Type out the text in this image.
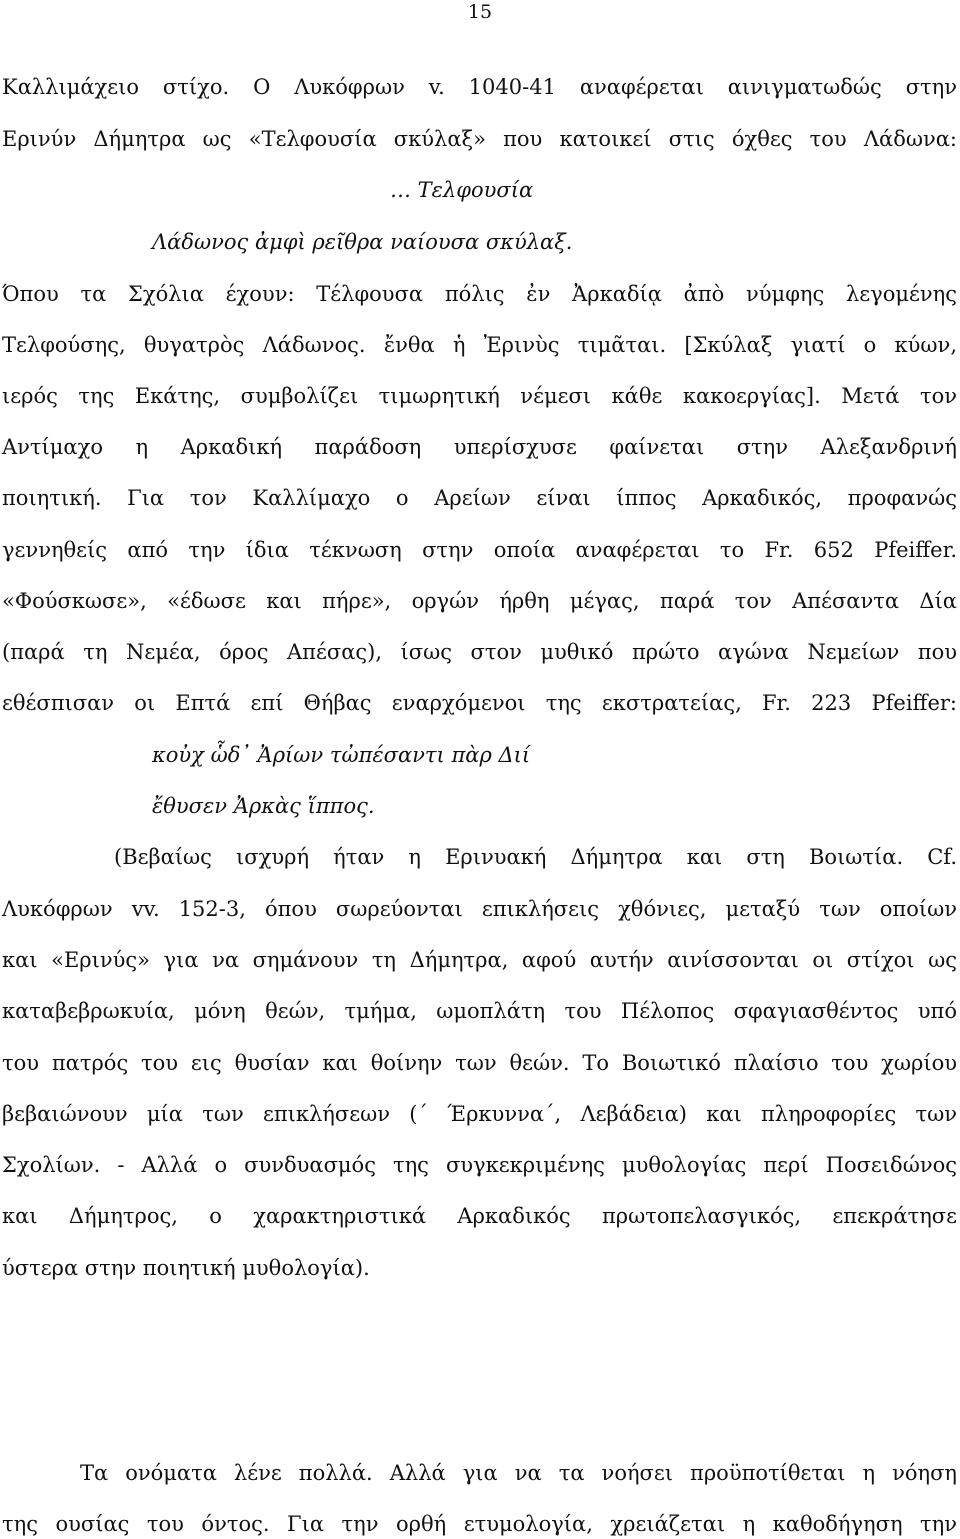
15
Καλλιμάχειο στίχο. Ο Λυκόφρων v. 1040-41 αναφέρεται αινιγματωδώς στην
Ερινύν Δήμητρα ως «Τελφουσία σκύλαξ» που κατοικεί στις όχθες του Λάδωνα:
… Τελφουσία
Λάδωνος ἀμφὶ ρεῖθρα ναίουσα σκύλαξ.
Όπου τα Σχόλια έχουν: Τέλφουσα πόλις ἐν Ἀρκαδίᾳ ἀπὸ νύμφης λεγομένης
Τελφούσης, θυγατρὸς Λάδωνος. ἔνθα ἡ Ἐρινὺς τιμᾶται. [Σκύλαξ γιατί ο κύων,
ιερός της Εκάτης, συμβολίζει τιμωρητική νέμεσι κάθε κακοεργίας]. Μετά τον
Αντίμαχο η Αρκαδική παράδοση υπερίσχυσε φαίνεται στην Αλεξανδρινή
ποιητική. Για τον Καλλίμαχο ο Αρείων είναι ίππος Αρκαδικός, προφανώς
γεννηθείς από την ίδια τέκνωση στην οποία αναφέρεται το Fr. 652 Pfeiffer.
«Φούσκωσε», «έδωσε και πήρε», οργών ήρθη μέγας, παρά τον Απέσαντα Δία
(παρά τη Νεμέα, όρος Απέσας), ίσως στον μυθικό πρώτο αγώνα Νεμείων που
εθέσπισαν οι Επτά επί Θήβας εναρχόμενοι της εκστρατείας, Fr. 223 Pfeiffer:
κοὐχ ὧδ᾽ Ἀρίων τὠπέσαντι πὰρ Διί
ἔθυσεν Ἀρκὰς ἵππος.
(Βεβαίως ισχυρή ήταν η Ερινυακή Δήμητρα και στη Βοιωτία. Cf.
Λυκόφρων vv. 152-3, όπου σωρεύονται επικλήσεις χθόνιες, μεταξύ των οποίων
και «Ερινύς» για να σημάνουν τη Δήμητρα, αφού αυτήν αινίσσονται οι στίχοι ως
καταβεβρωκυία, μόνη θεών, τμήμα, ωμοπλάτη του Πέλοπος σφαγιασθέντος υπό
του πατρός του εις θυσίαν και θοίνην των θεών. Το Βοιωτικό πλαίσιο του χωρίου
βεβαιώνουν μία των επικλήσεων (΄ Έρκυννα΄, Λεβάδεια) και πληροφορίες των
Σχολίων. - Αλλά ο συνδυασμός της συγκεκριμένης μυθολογίας περί Ποσειδώνος
και Δήμητρος, ο χαρακτηριστικά Αρκαδικός πρωτοπελασγικός, επεκράτησε
ύστερα στην ποιητική μυθολογία).
Τα ονόματα λένε πολλά. Αλλά για να τα νοήσει προϋποτίθεται η νόηση
της ουσίας του όντος. Για την ορθή ετυμολογία, χρειάζεται η καθοδήγηση την
